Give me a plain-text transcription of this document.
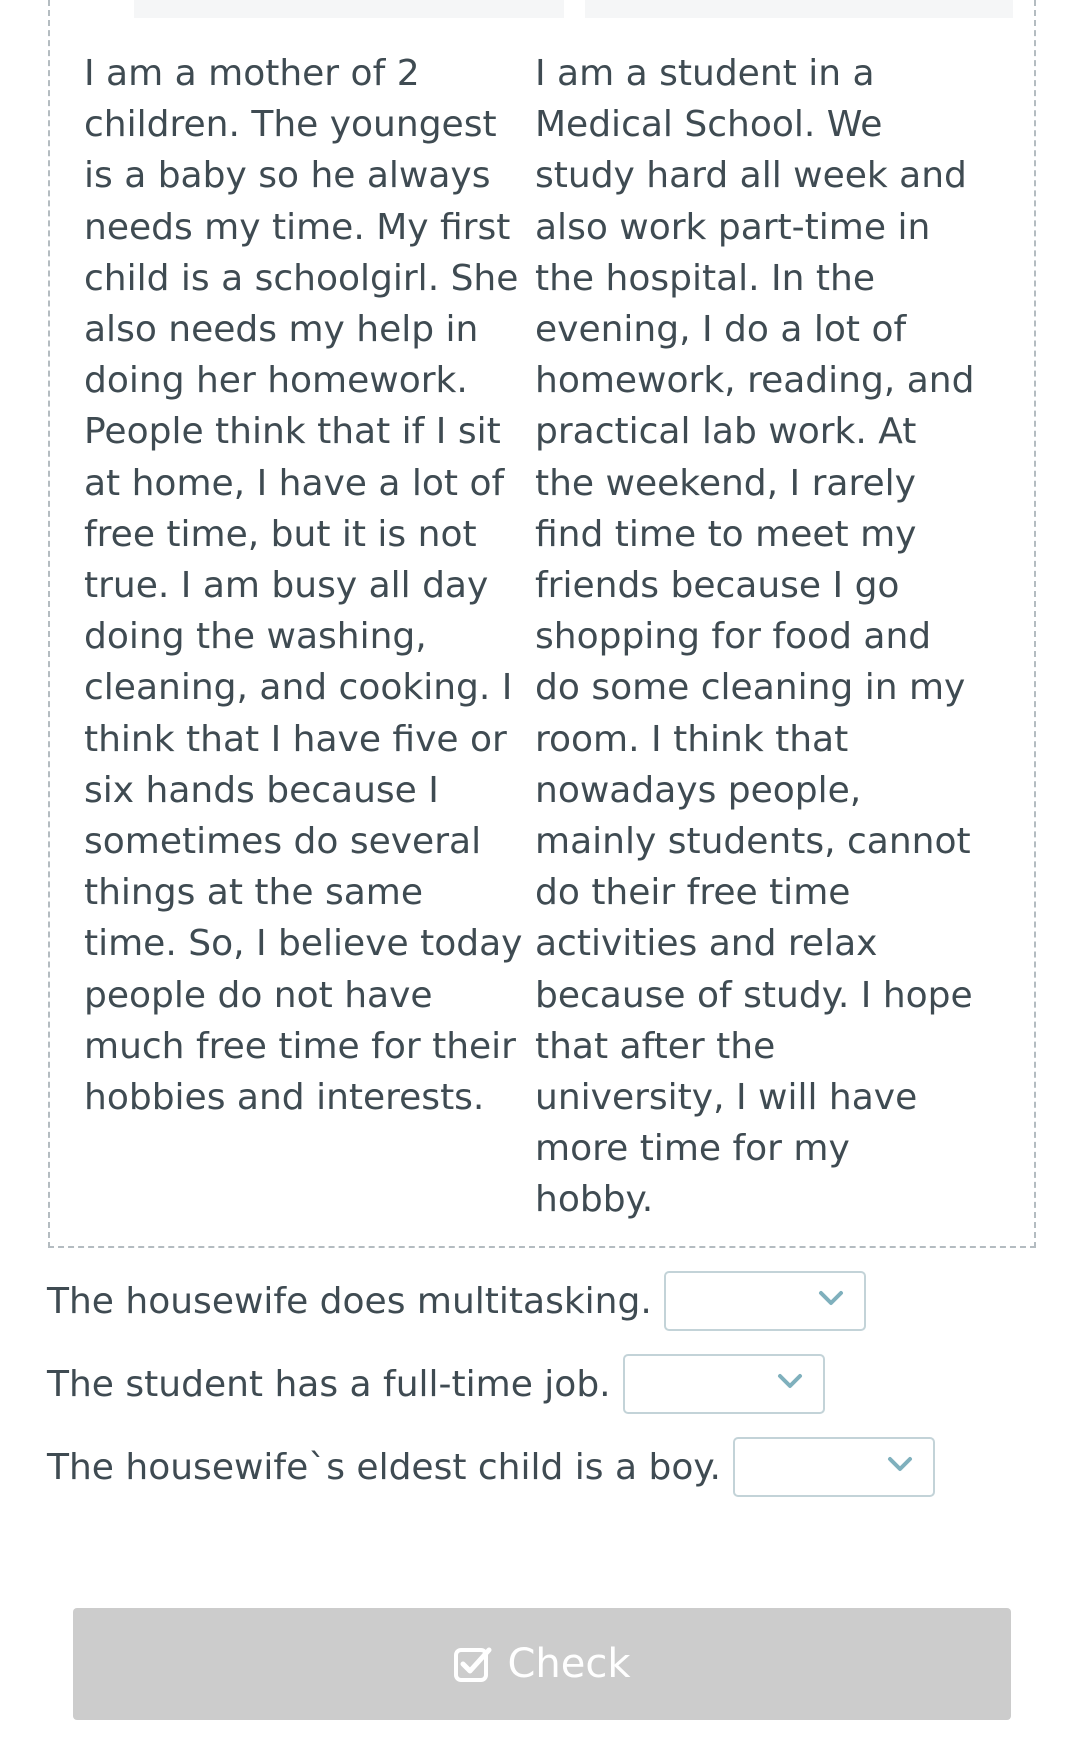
I am a mother of 2 children. The youngest is a baby so he always needs my time. My first child is a schoolgirl. She also needs my help in doing her homework. People think that if I sit at home, I have a lot of free time, but it is not true. I am busy all day doing the washing, cleaning, and cooking. I think that I have five or six hands because I sometimes do several things at the same time. So, I believe today people do not have much free time for their hobbies and interests.

I am a student in a Medical School. We study hard all week and also work part-time in the hospital. In the evening, I do a lot of homework, reading, and practical lab work. At the weekend, I rarely find time to meet my friends because I go shopping for food and do some cleaning in my room. I think that nowadays people, mainly students, cannot do their free time activities and relax because of study. I hope that after the university, I will have more time for my hobby.

The housewife does multitasking.
The student has a full-time job.
The housewife`s eldest child is a boy.
Check
